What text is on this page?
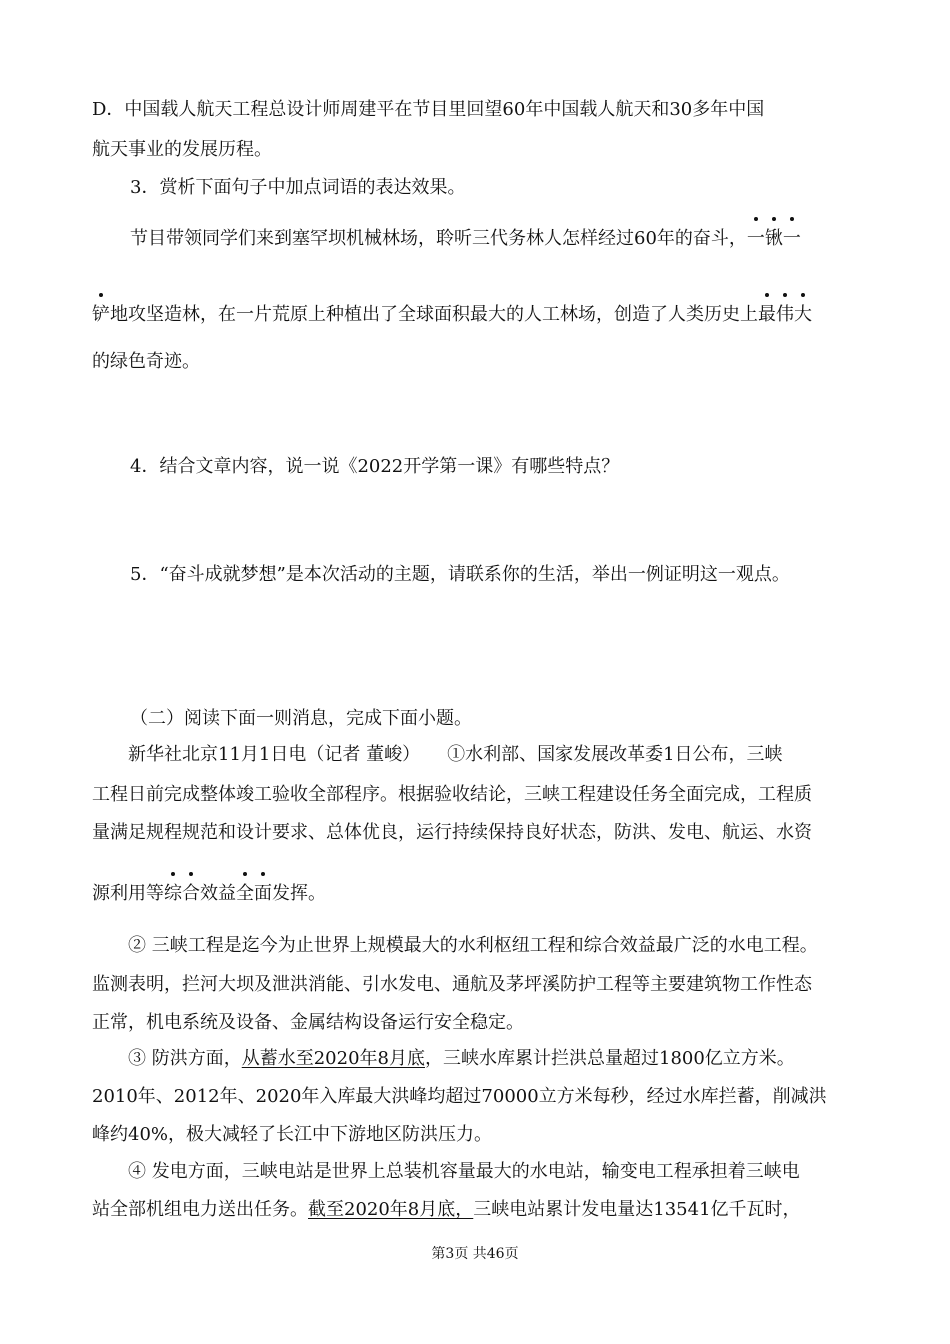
D．中国载人航天工程总设计师周建平在节目里回望60年中国载人航天和30多年中国
航天事业的发展历程。
3．赏析下面句子中加点词语的表达效果。
节目带领同学们来到塞罕坝机械林场，聆听三代务林人怎样经过60年的奋斗，一锹一
铲地攻坚造林，在一片荒原上种植出了全球面积最大的人工林场，创造了人类历史上最伟大
的绿色奇迹。
4．结合文章内容，说一说《2022开学第一课》有哪些特点？
5．“奋斗成就梦想”是本次活动的主题，请联系你的生活，举出一例证明这一观点。
（二）阅读下面一则消息，完成下面小题。
新华社北京11月1日电（记者 董峻）　　①水利部、国家发展改革委1日公布，三峡
工程日前完成整体竣工验收全部程序。根据验收结论，三峡工程建设任务全面完成，工程质
量满足规程规范和设计要求、总体优良，运行持续保持良好状态，防洪、发电、航运、水资
源利用等综合效益全面发挥。
② 三峡工程是迄今为止世界上规模最大的水利枢纽工程和综合效益最广泛的水电工程。
监测表明，拦河大坝及泄洪消能、引水发电、通航及茅坪溪防护工程等主要建筑物工作性态
正常，机电系统及设备、金属结构设备运行安全稳定。
③ 防洪方面，从蓄水至2020年8月底，三峡水库累计拦洪总量超过1800亿立方米。
2010年、2012年、2020年入库最大洪峰均超过70000立方米每秒，经过水库拦蓄，削减洪
峰约40%，极大减轻了长江中下游地区防洪压力。
④ 发电方面，三峡电站是世界上总装机容量最大的水电站，输变电工程承担着三峡电
站全部机组电力送出任务。截至2020年8月底，三峡电站累计发电量达13541亿千瓦时，
第3页 共46页
